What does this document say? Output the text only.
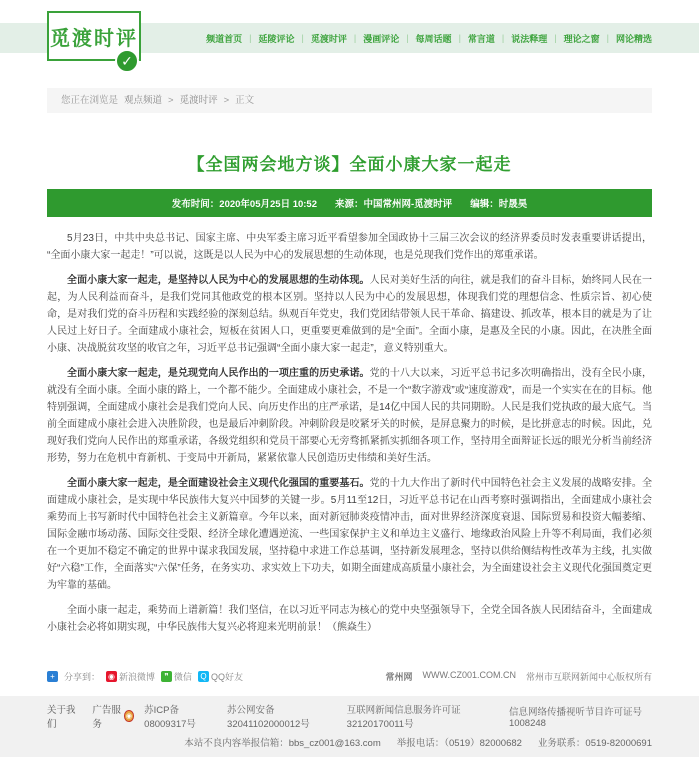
觅渡时评
✓
频道首页 | 延陵评论 | 觅渡时评 | 漫画评论 | 每周话题 | 常言道 | 说法释理 | 理论之窗 | 网论精选
您正在浏览是 观点频道 > 觅渡时评 > 正文
【全国两会地方谈】全面小康大家一起走
发布时间：2020年05月25日 10:52 来源：中国常州网-觅渡时评 编辑：时晟昊

5月23日，中共中央总书记、国家主席、中央军委主席习近平看望参加全国政协十三届三次会议的经济界委员时发表重要讲话提出，“全面小康大家一起走！”可以说，这既是以人民为中心的发展思想的生动体现，也是兑现我们党作出的郑重承诺。

全面小康大家一起走，是坚持以人民为中心的发展思想的生动体现。人民对美好生活的向往，就是我们的奋斗目标，始终同人民在一起，为人民利益而奋斗，是我们党同其他政党的根本区别。坚持以人民为中心的发展思想，体现我们党的理想信念、性质宗旨、初心使命，是对我们党的奋斗历程和实践经验的深刻总结。纵观百年党史，我们党团结带领人民干革命、搞建设、抓改革，根本目的就是为了让人民过上好日子。全面建成小康社会，短板在贫困人口，更重要更难做到的是“全面”。全面小康，是惠及全民的小康。因此，在决胜全面小康、决战脱贫攻坚的收官之年，习近平总书记强调“全面小康大家一起走”，意义特别重大。

全面小康大家一起走，是兑现党向人民作出的一项庄重的历史承诺。党的十八大以来，习近平总书记多次明确指出，没有全民小康，就没有全面小康。全面小康的路上，一个都不能少。全面建成小康社会，不是一个“数字游戏”或“速度游戏”，而是一个实实在在的目标。他特别强调，全面建成小康社会是我们党向人民、向历史作出的庄严承诺，是14亿中国人民的共同期盼。人民是我们党执政的最大底气。当前全面建成小康社会进入决胜阶段，也是最后冲刺阶段。冲刺阶段是咬紧牙关的时候，是屏息聚力的时候，是比拼意志的时候。因此，兑现好我们党向人民作出的郑重承诺，各级党组织和党员干部要心无旁骛抓紧抓实抓细各项工作，坚持用全面辩证长远的眼光分析当前经济形势，努力在危机中育新机、于变局中开新局，紧紧依靠人民创造历史伟绩和美好生活。

全面小康大家一起走，是全面建设社会主义现代化强国的重要基石。党的十九大作出了新时代中国特色社会主义发展的战略安排。全面建成小康社会，是实现中华民族伟大复兴中国梦的关键一步。5月11至12日，习近平总书记在山西考察时强调指出，全面建成小康社会乘势而上书写新时代中国特色社会主义新篇章。今年以来，面对新冠肺炎疫情冲击，面对世界经济深度衰退、国际贸易和投资大幅萎缩、国际金融市场动荡、国际交往受限、经济全球化遭遇逆流、一些国家保护主义和单边主义盛行、地缘政治风险上升等不利局面，我们必须在一个更加不稳定不确定的世界中谋求我国发展，坚持稳中求进工作总基调，坚持新发展理念，坚持以供给侧结构性改革为主线，扎实做好“六稳”工作，全面落实“六保”任务，在务实功、求实效上下功夫，如期全面建成高质量小康社会，为全面建设社会主义现代化强国奠定更为牢靠的基础。

全面小康一起走，乘势而上谱新篇！我们坚信，在以习近平同志为核心的党中央坚强领导下，全党全国各族人民团结奋斗，全面建成小康社会必将如期实现，中华民族伟大复兴必将迎来光明前景！（熊焱生）

+	分享到： ◉ 新浪微博	❞ 微信 Q QQ好友	常州网 WWW.CZ001.COM.CN 常州市互联网新闻中心版权所有
关于我们
广告服务
◉
苏ICP备08009317号
苏公网安备32041102000012号
互联网新闻信息服务许可证32120170011号
信息网络传播视听节目许可证号1008248
本站不良内容举报信箱：bbs_cz001@163.com 举报电话：（0519）82000682 业务联系：0519-82000691
